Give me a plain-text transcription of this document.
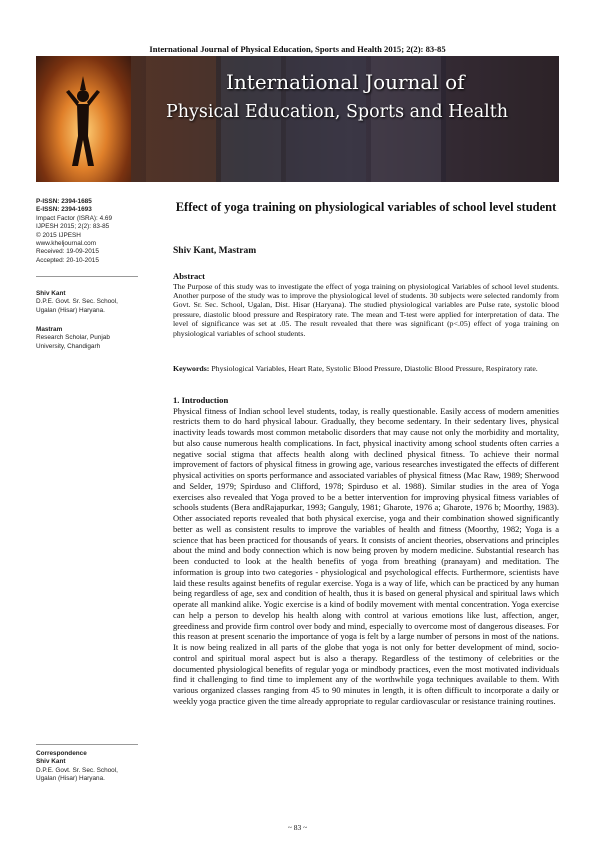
International Journal of Physical Education, Sports and Health 2015; 2(2): 83-85
International Journal of
Physical Education, Sports and Health
P-ISSN: 2394-1685
E-ISSN: 2394-1693
Impact Factor (ISRA): 4.69
IJPESH 2015; 2(2): 83-85
© 2015 IJPESH
www.kheljournal.com
Received: 19-09-2015
Accepted: 20-10-2015
Shiv Kant
D.P.E. Govt. Sr. Sec. School,
Ugalan (Hisar) Haryana.
Mastram
Research Scholar, Punjab
University, Chandigarh
Correspondence
Shiv Kant
D.P.E. Govt. Sr. Sec. School,
Ugalan (Hisar) Haryana.
Effect of yoga training on physiological variables of school level student
Shiv Kant, Mastram
Abstract
The Purpose of this study was to investigate the effect of yoga training on physiological Variables of school level students. Another purpose of the study was to improve the physiological level of students. 30 subjects were selected randomly from Govt. Sr. Sec. School, Ugalan, Dist. Hisar (Haryana). The studied physiological variables are Pulse rate, systolic blood pressure, diastolic blood pressure and Respiratory rate. The mean and T-test were applied for interpretation of data. The level of significance was set at .05. The result revealed that there was significant (p<.05) effect of yoga training on physiological variables of school students.
Keywords: Physiological Variables, Heart Rate, Systolic Blood Pressure, Diastolic Blood Pressure, Respiratory rate.
1. Introduction
Physical fitness of Indian school level students, today, is really questionable. Easily access of modern amenities restricts them to do hard physical labour. Gradually, they become sedentary. In their sedentary lives, physical inactivity leads towards most common metabolic disorders that may cause not only the morbidity and mortality, but also cause numerous health complications. In fact, physical inactivity among school students often carries a negative social stigma that affects health along with declined physical fitness. To achieve their normal improvement of factors of physical fitness in growing age, various researches investigated the effects of different physical activities on sports performance and associated variables of physical fitness (Mac Raw, 1989; Sherwood and Selder, 1979; Spirduso and Clifford, 1978; Spirduso et al. 1988). Similar studies in the area of Yoga exercises also revealed that Yoga proved to be a better intervention for improving physical fitness variables of schools students (Bera andRajapurkar, 1993; Ganguly, 1981; Gharote, 1976 a; Gharote, 1976 b; Moorthy, 1983). Other associated reports revealed that both physical exercise, yoga and their combination showed significantly better as well as consistent results to improve the variables of health and fitness (Moorthy, 1982; Yoga is a science that has been practiced for thousands of years. It consists of ancient theories, observations and principles about the mind and body connection which is now being proven by modern medicine. Substantial research has been conducted to look at the health benefits of yoga from breathing (pranayam) and meditation. The information is group into two categories - physiological and psychological effects. Furthermore, scientists have laid these results against benefits of regular exercise. Yoga is a way of life, which can be practiced by any human being regardless of age, sex and condition of health, thus it is based on general physical and spiritual laws which operate all mankind alike. Yogic exercise is a kind of bodily movement with mental concentration. Yoga exercise can help a person to develop his health along with control at various emotions like lust, affection, anger, greediness and provide firm control over body and mind, especially to overcome most of dangerous diseases. For this reason at present scenario the importance of yoga is felt by a large number of persons in most of the nations. It is now being realized in all parts of the globe that yoga is not only for better development of mind, socio-control and spiritual moral aspect but is also a therapy. Regardless of the testimony of celebrities or the documented physiological benefits of regular yoga or mindbody practices, even the most motivated individuals find it challenging to find time to implement any of the worthwhile yoga techniques available to them. With various organized classes ranging from 45 to 90 minutes in length, it is often difficult to incorporate a daily or weekly yoga practice given the time already appropriate to regular cardiovascular or resistance training routines.
~ 83 ~
